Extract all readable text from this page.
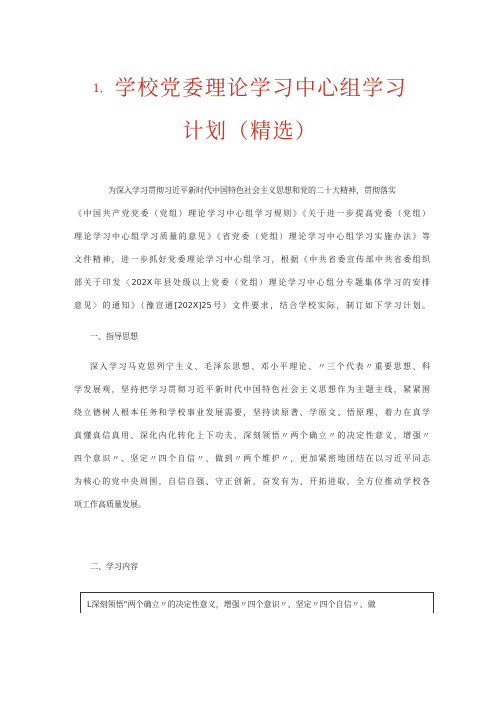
1． 学校党委理论学习中心组学习
计划（精选）
为深入学习贯彻习近平新时代中国特色社会主义思想和党的二十大精神，贯彻落实
《中国共产党党委（党组）理论学习中心组学习规则》《关于进一步提高党委（党组）
理论学习中心组学习质量的意见》《省党委（党组）理论学习中心组学习实施办法》等
文件精神，进一步抓好党委理论学习中心组学习，根据《中共省委宣传部中共省委组织
部关于印发〈202X年县处级以上党委（党组）理论学习中心组分专题集体学习的安排
意见〉的通知》（豫宣通[202X]25号）文件要求，结合学校实际，制订如下学习计划。
一、指导思想
深入学习马克思列宁主义、毛泽东思想、邓小平理论、〃三个代表〃重要思想、科
学发展观，坚持把学习贯彻习近平新时代中国特色社会主义思想作为主题主线，紧紧围
绕立德树人根本任务和学校事业发展需要，坚持读原著、学原文、悟原理，着力在真学
真懂真信真用、深化内化转化上下功夫，深刻领悟〃两个确立〃的决定性意义，增强〃
四个意识〃、坚定〃四个自信〃、做到〃两个维护〃，更加紧密地团结在以习近平同志
为核心的党中央周围，自信自强、守正创新，奋发有为、开拓进取，全方位推动学校各
项工作高质量发展。
二、学习内容
L深刻领悟“两个确立〃的决定性意义，增强〃四个意识〃、坚定〃四个自信〃、做
